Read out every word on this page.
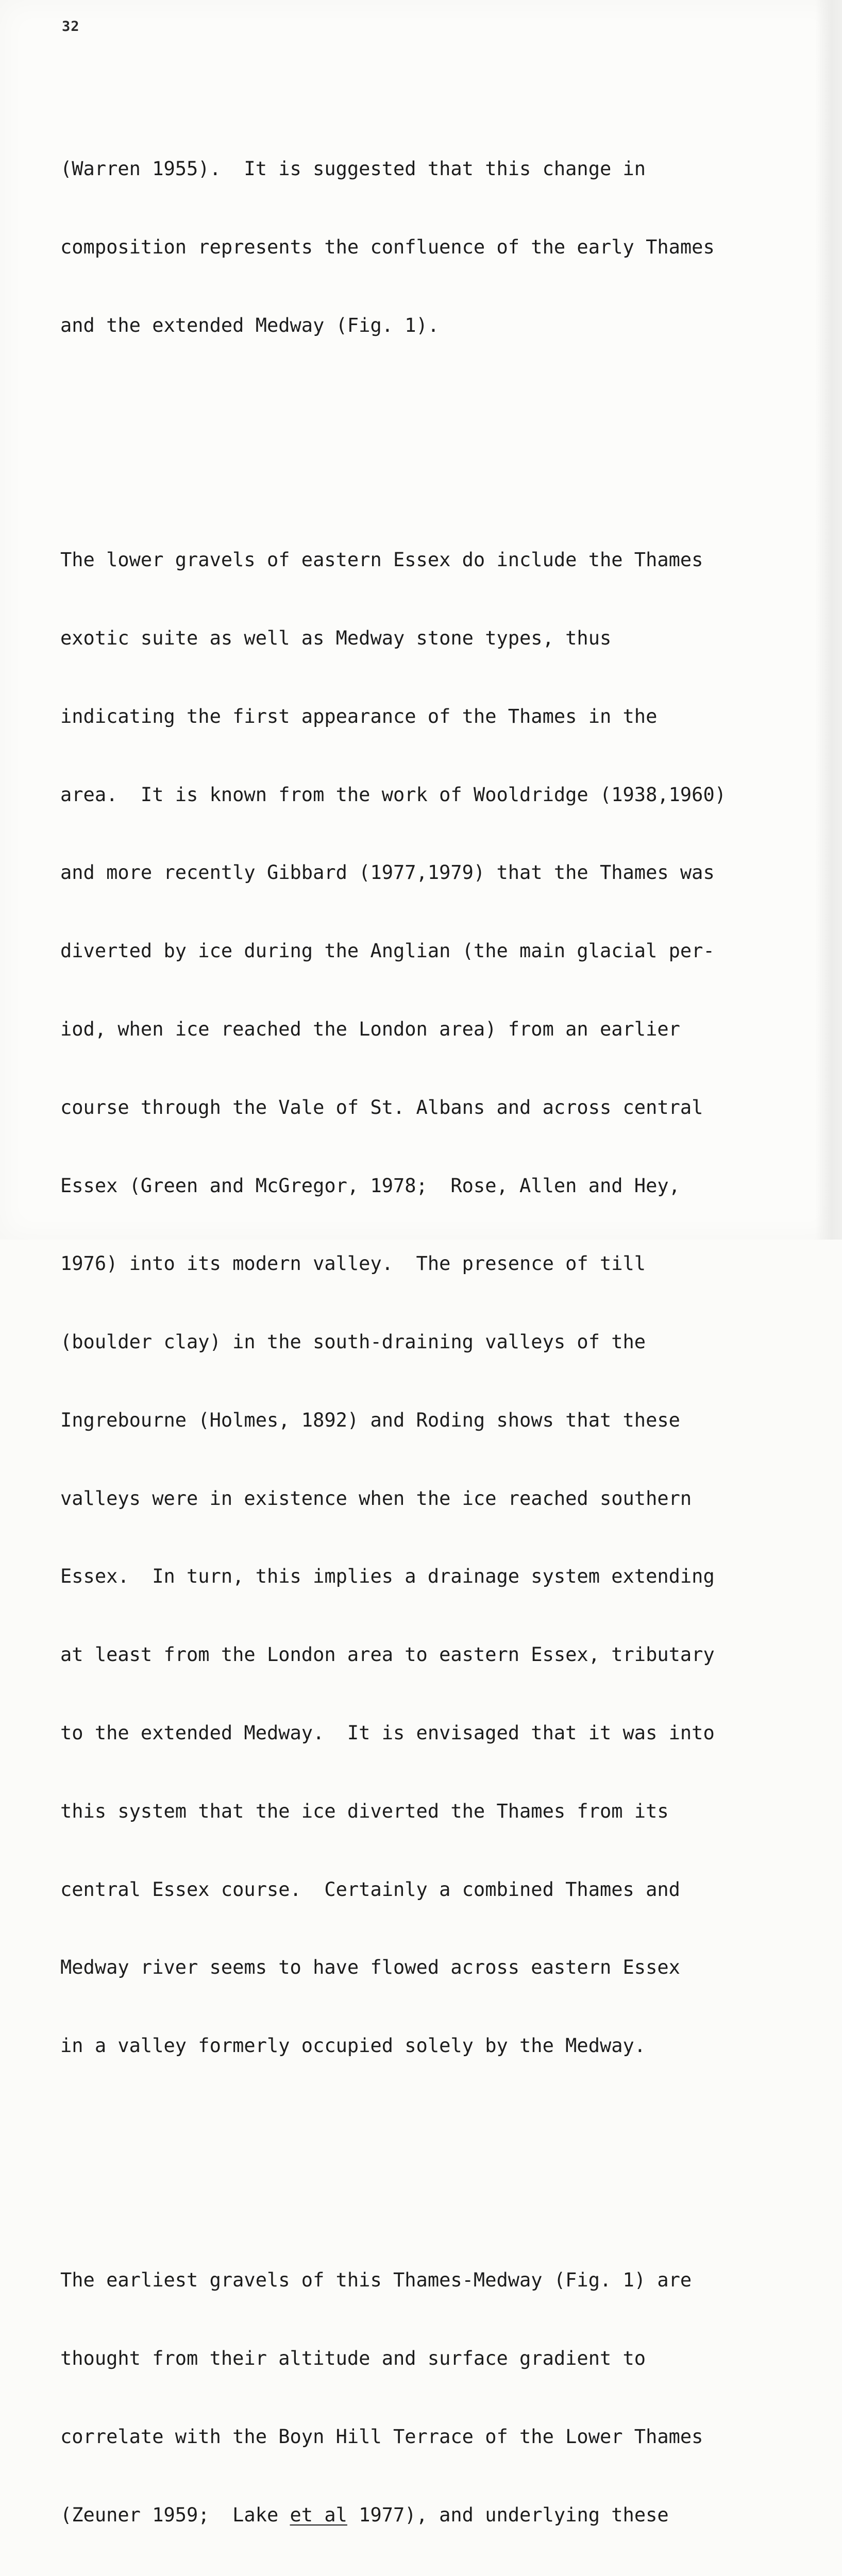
32

(Warren 1955).  It is suggested that this change in

composition represents the confluence of the early Thames

and the extended Medway (Fig. 1).

The lower gravels of eastern Essex do include the Thames

exotic suite as well as Medway stone types, thus

indicating the first appearance of the Thames in the

area.  It is known from the work of Wooldridge (1938,1960)

and more recently Gibbard (1977,1979) that the Thames was

diverted by ice during the Anglian (the main glacial per-

iod, when ice reached the London area) from an earlier

course through the Vale of St. Albans and across central

Essex (Green and McGregor, 1978;  Rose, Allen and Hey,

1976) into its modern valley.  The presence of till

(boulder clay) in the south-draining valleys of the

Ingrebourne (Holmes, 1892) and Roding shows that these

valleys were in existence when the ice reached southern

Essex.  In turn, this implies a drainage system extending

at least from the London area to eastern Essex, tributary

to the extended Medway.  It is envisaged that it was into

this system that the ice diverted the Thames from its

central Essex course.  Certainly a combined Thames and

Medway river seems to have flowed across eastern Essex

in a valley formerly occupied solely by the Medway.

The earliest gravels of this Thames-Medway (Fig. 1) are

thought from their altitude and surface gradient to

correlate with the Boyn Hill Terrace of the Lower Thames

(Zeuner 1959;  Lake et al 1977), and underlying these
